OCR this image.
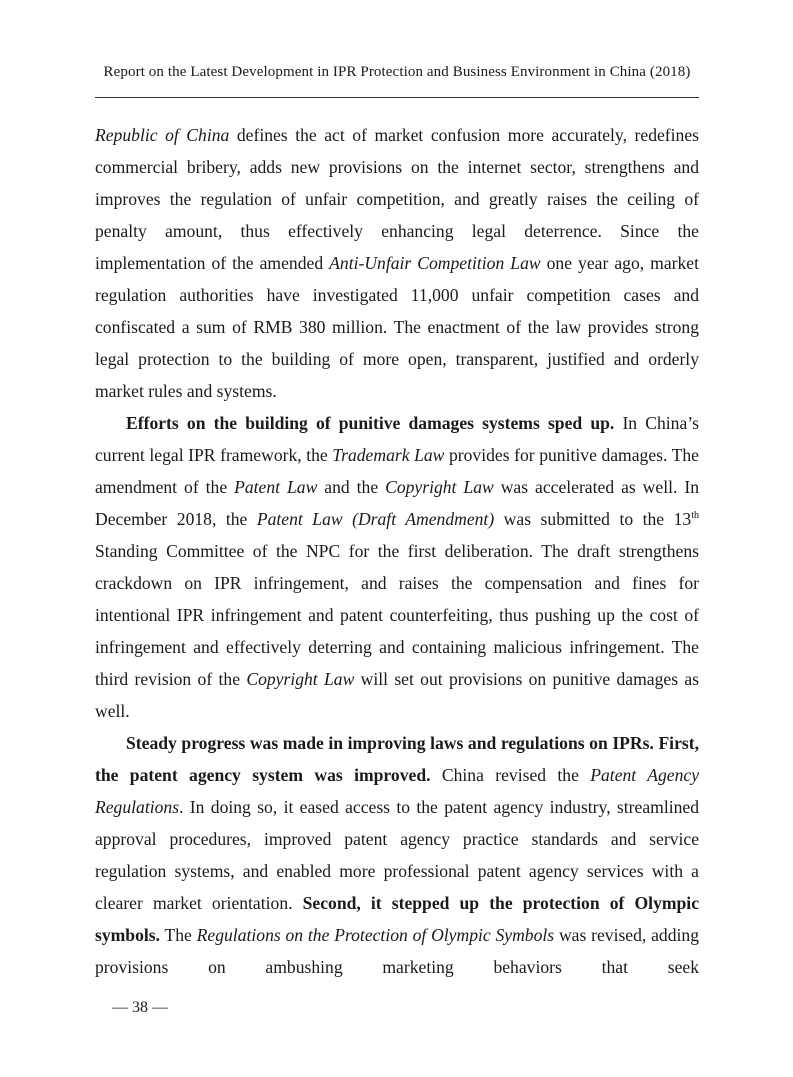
Report on the Latest Development in IPR Protection and Business Environment in China (2018)

Republic of China defines the act of market confusion more accurately, redefines commercial bribery, adds new provisions on the internet sector, strengthens and improves the regulation of unfair competition, and greatly raises the ceiling of penalty amount, thus effectively enhancing legal deterrence. Since the implementation of the amended Anti-Unfair Competition Law one year ago, market regulation authorities have investigated 11,000 unfair competition cases and confiscated a sum of RMB 380 million. The enactment of the law provides strong legal protection to the building of more open, transparent, justified and orderly market rules and systems.

Efforts on the building of punitive damages systems sped up. In China’s current legal IPR framework, the Trademark Law provides for punitive damages. The amendment of the Patent Law and the Copyright Law was accelerated as well. In December 2018, the Patent Law (Draft Amendment) was submitted to the 13th Standing Committee of the NPC for the first deliberation. The draft strengthens crackdown on IPR infringement, and raises the compensation and fines for intentional IPR infringement and patent counterfeiting, thus pushing up the cost of infringement and effectively deterring and containing malicious infringement. The third revision of the Copyright Law will set out provisions on punitive damages as well.

Steady progress was made in improving laws and regulations on IPRs. First, the patent agency system was improved. China revised the Patent Agency Regulations. In doing so, it eased access to the patent agency industry, streamlined approval procedures, improved patent agency practice standards and service regulation systems, and enabled more professional patent agency services with a clearer market orientation. Second, it stepped up the protection of Olympic symbols. The Regulations on the Protection of Olympic Symbols was revised, adding provisions on ambushing marketing behaviors that seek

— 38 —
